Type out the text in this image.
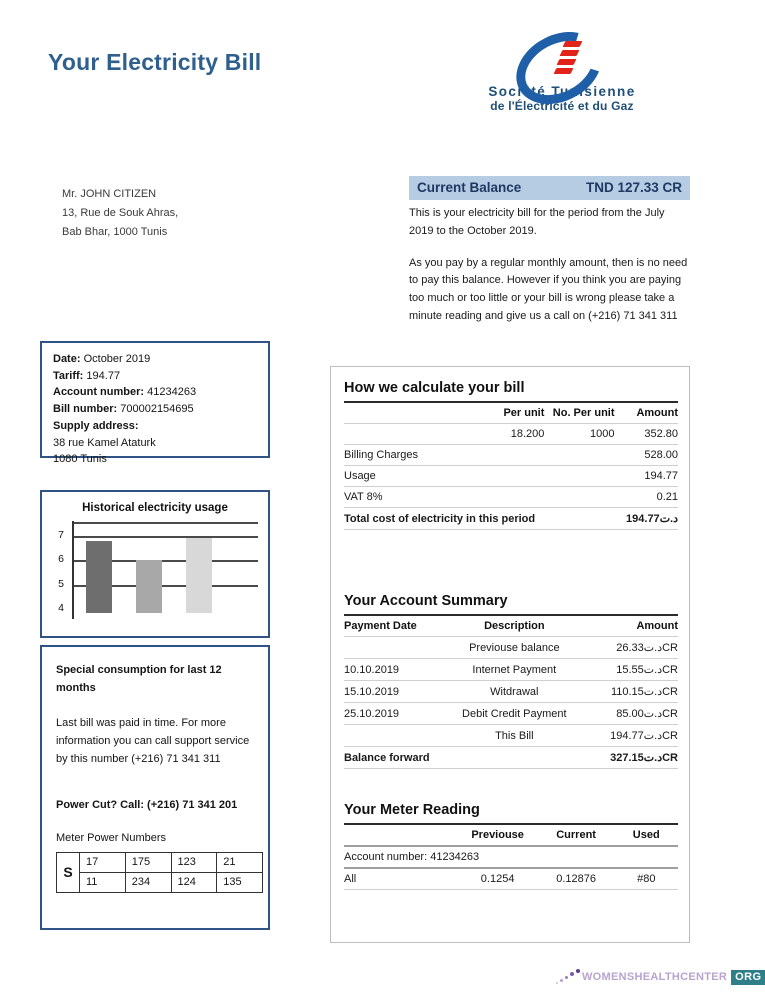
Your Electricity Bill
Société Tunisienne
de l'Électricité et du Gaz
Mr. JOHN CITIZEN
13, Rue de Souk Ahras,
Bab Bhar, 1000 Tunis
Current Balance	TND 127.33 CR
This is your electricity bill for the period from the July 2019 to the October 2019.
As you pay by a regular monthly amount, then is no need to pay this balance. However if you think you are paying too much or too little or your bill is wrong please take a minute reading and give us a call on (+216) 71 341 311
Date: October 2019
Tariff: 194.77
Account number: 41234263
Bill number: 700002154695
Supply address:
38 rue Kamel Ataturk
1080 Tunis
Historical electricity usage
4
5
6
7
Special consumption for last 12 months
Last bill was paid in time. For more information you can call support service by this number (+216) 71 341 311
Power Cut? Call: (+216) 71 341 201
Meter Power Numbers
S	17	175	123	21
	11	234	124	135
How we calculate your bill
	Per unit	No. Per unit	Amount
	18.200	1000	352.80
Billing Charges			528.00
Usage			194.77
VAT 8%			0.21
Total cost of electricity in this period			د.ت194.77
Your Account Summary
Payment Date	Description	Amount
	Previouse balance	د.ت26.33CR
10.10.2019	Internet Payment	د.ت15.55CR
15.10.2019	Witdrawal	د.ت110.15CR
25.10.2019	Debit Credit Payment	د.ت85.00CR
	This Bill	د.ت194.77CR
Balance forward		د.ت327.15CR
Your Meter Reading
	Previouse	Current	Used
Account number: 41234263			
All	0.1254	0.12876	#80
WOMENSHEALTHCENTER ORG
